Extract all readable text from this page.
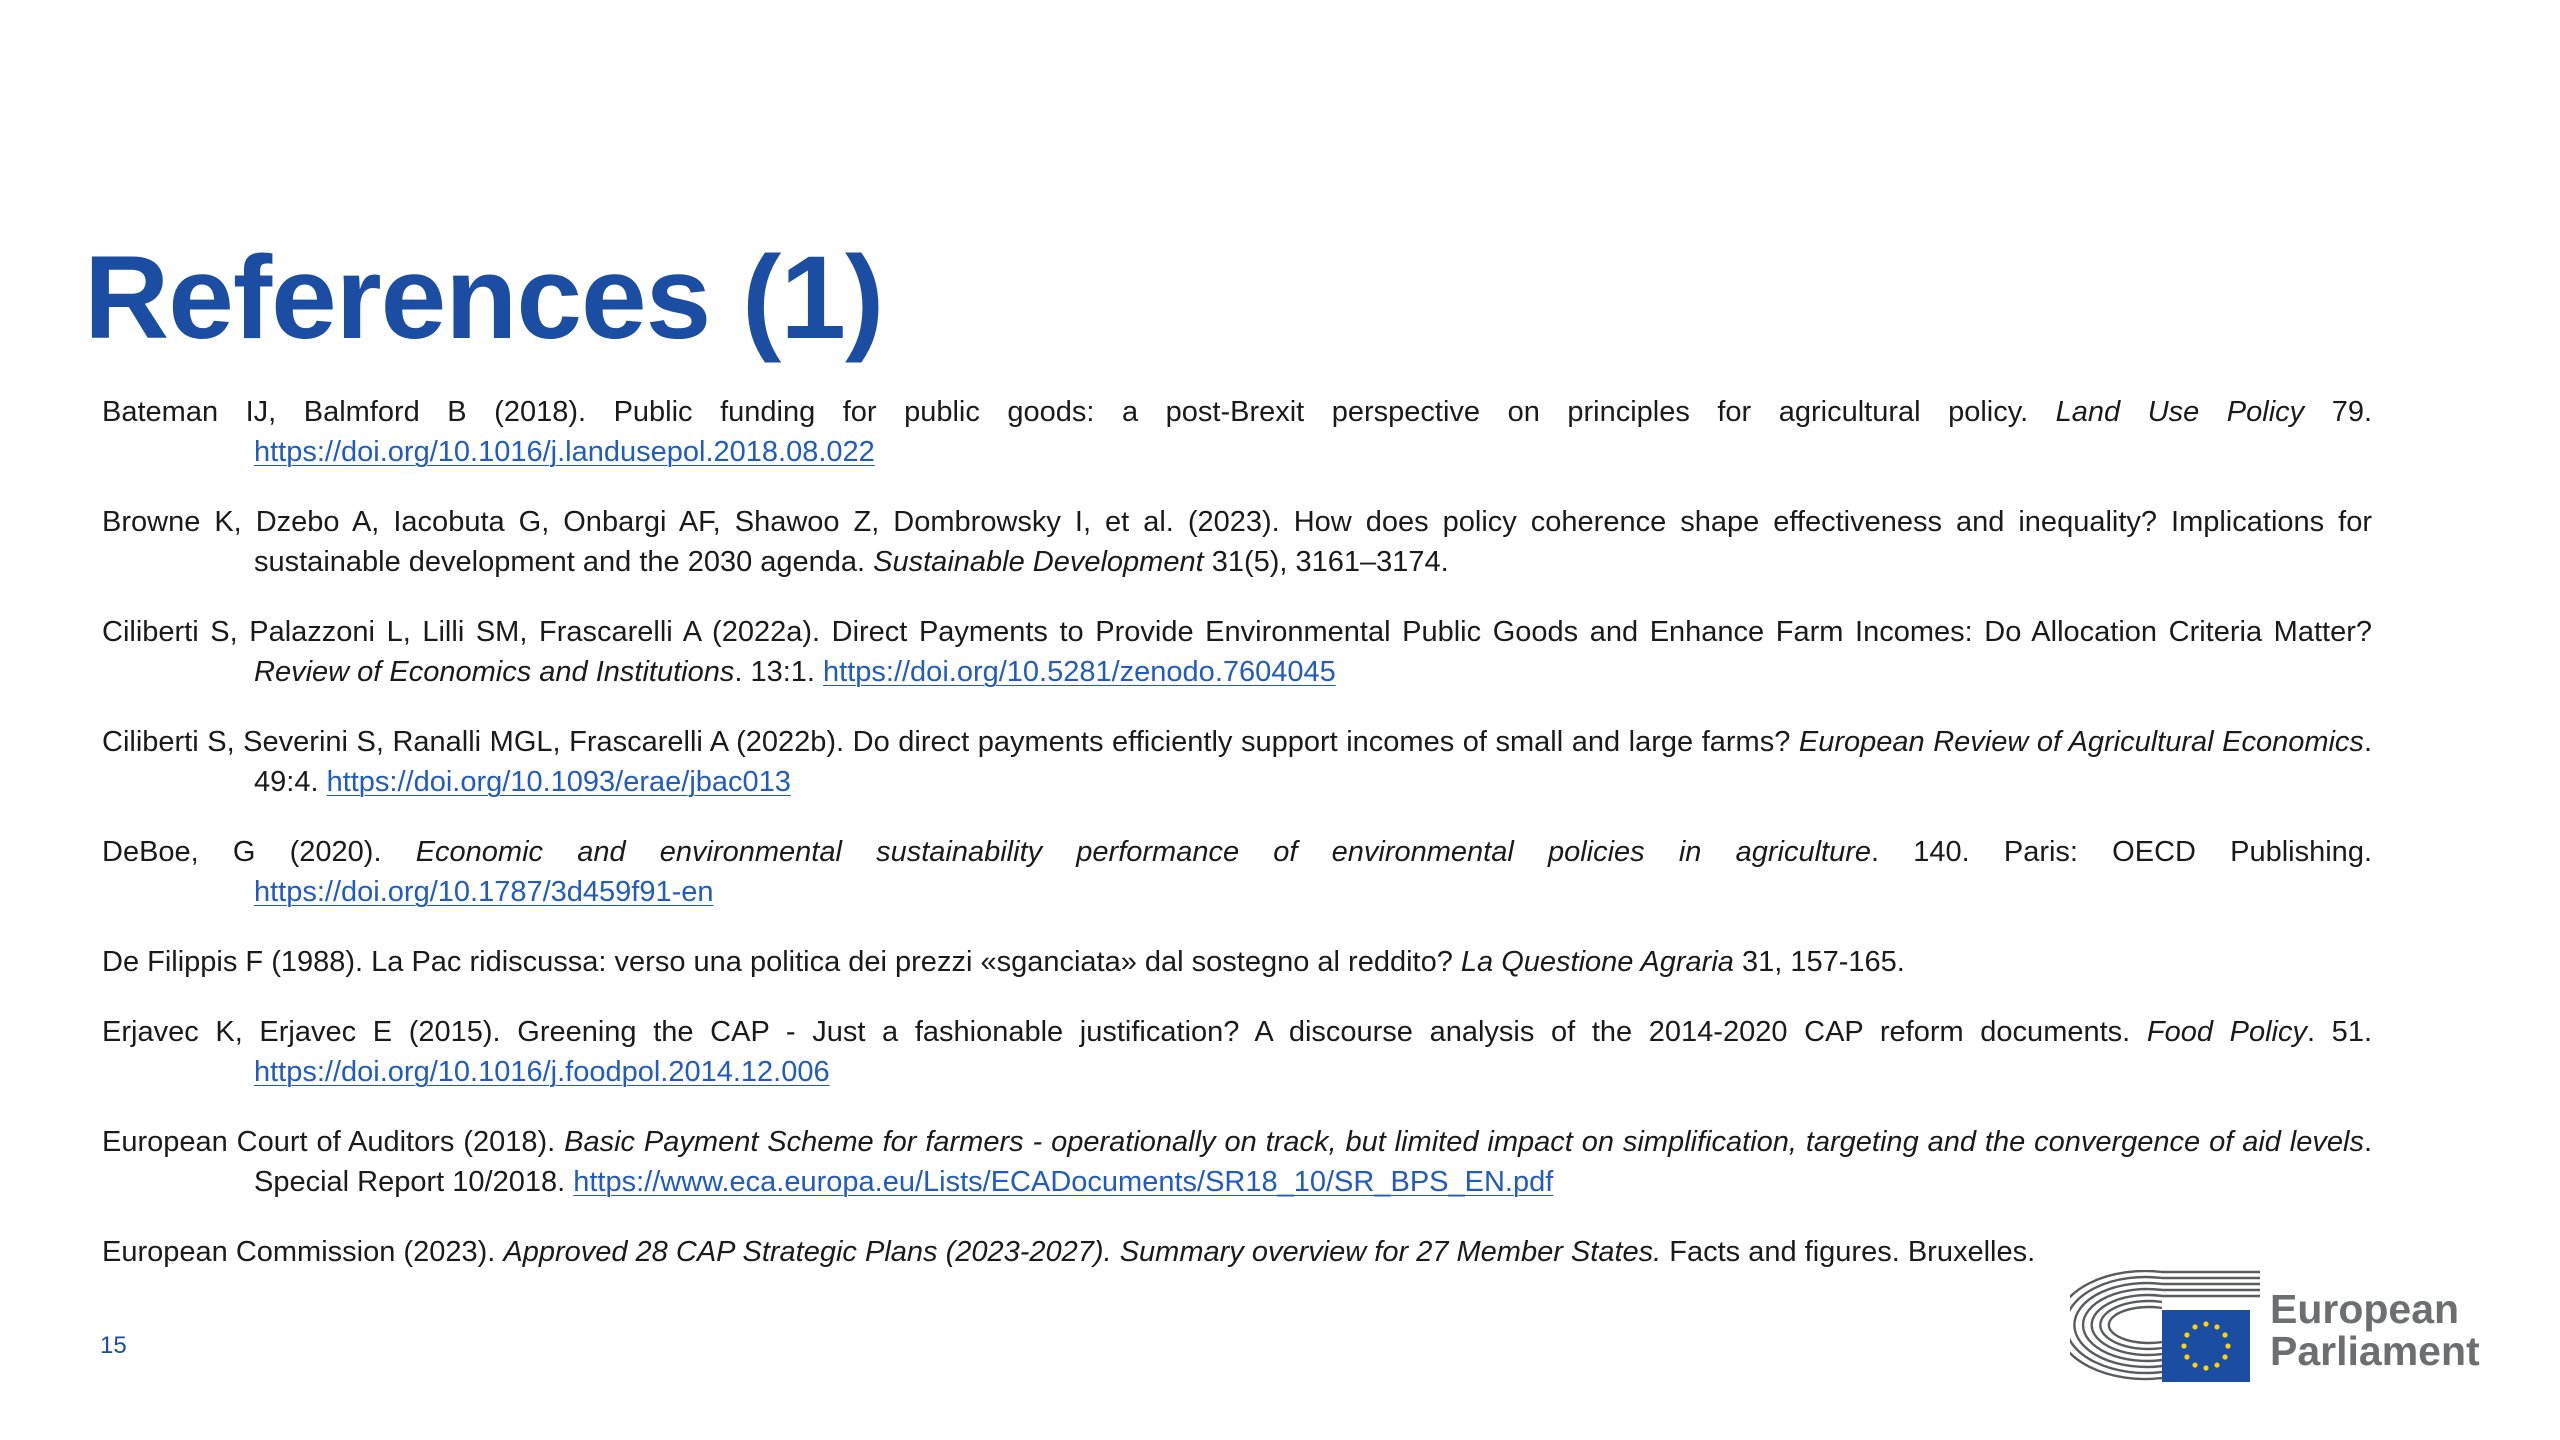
References (1)
Bateman IJ, Balmford B (2018). Public funding for public goods: a post-Brexit perspective on principles for agricultural policy. Land Use Policy 79. https://doi.org/10.1016/j.landusepol.2018.08.022
Browne K, Dzebo A, Iacobuta G, Onbargi AF, Shawoo Z, Dombrowsky I, et al. (2023). How does policy coherence shape effectiveness and inequality? Implications for sustainable development and the 2030 agenda. Sustainable Development 31(5), 3161–3174.
Ciliberti S, Palazzoni L, Lilli SM, Frascarelli A (2022a). Direct Payments to Provide Environmental Public Goods and Enhance Farm Incomes: Do Allocation Criteria Matter? Review of Economics and Institutions. 13:1. https://doi.org/10.5281/zenodo.7604045
Ciliberti S, Severini S, Ranalli MGL, Frascarelli A (2022b). Do direct payments efficiently support incomes of small and large farms? European Review of Agricultural Economics. 49:4. https://doi.org/10.1093/erae/jbac013
DeBoe, G (2020). Economic and environmental sustainability performance of environmental policies in agriculture. 140. Paris: OECD Publishing. https://doi.org/10.1787/3d459f91-en
De Filippis F (1988). La Pac ridiscussa: verso una politica dei prezzi «sganciata» dal sostegno al reddito? La Questione Agraria 31, 157-165.
Erjavec K, Erjavec E (2015). Greening the CAP - Just a fashionable justification? A discourse analysis of the 2014-2020 CAP reform documents. Food Policy. 51. https://doi.org/10.1016/j.foodpol.2014.12.006
European Court of Auditors (2018). Basic Payment Scheme for farmers - operationally on track, but limited impact on simplification, targeting and the convergence of aid levels. Special Report 10/2018. https://www.eca.europa.eu/Lists/ECADocuments/SR18_10/SR_BPS_EN.pdf
European Commission (2023). Approved 28 CAP Strategic Plans (2023-2027). Summary overview for 27 Member States. Facts and figures. Bruxelles.
15
European
Parliament
